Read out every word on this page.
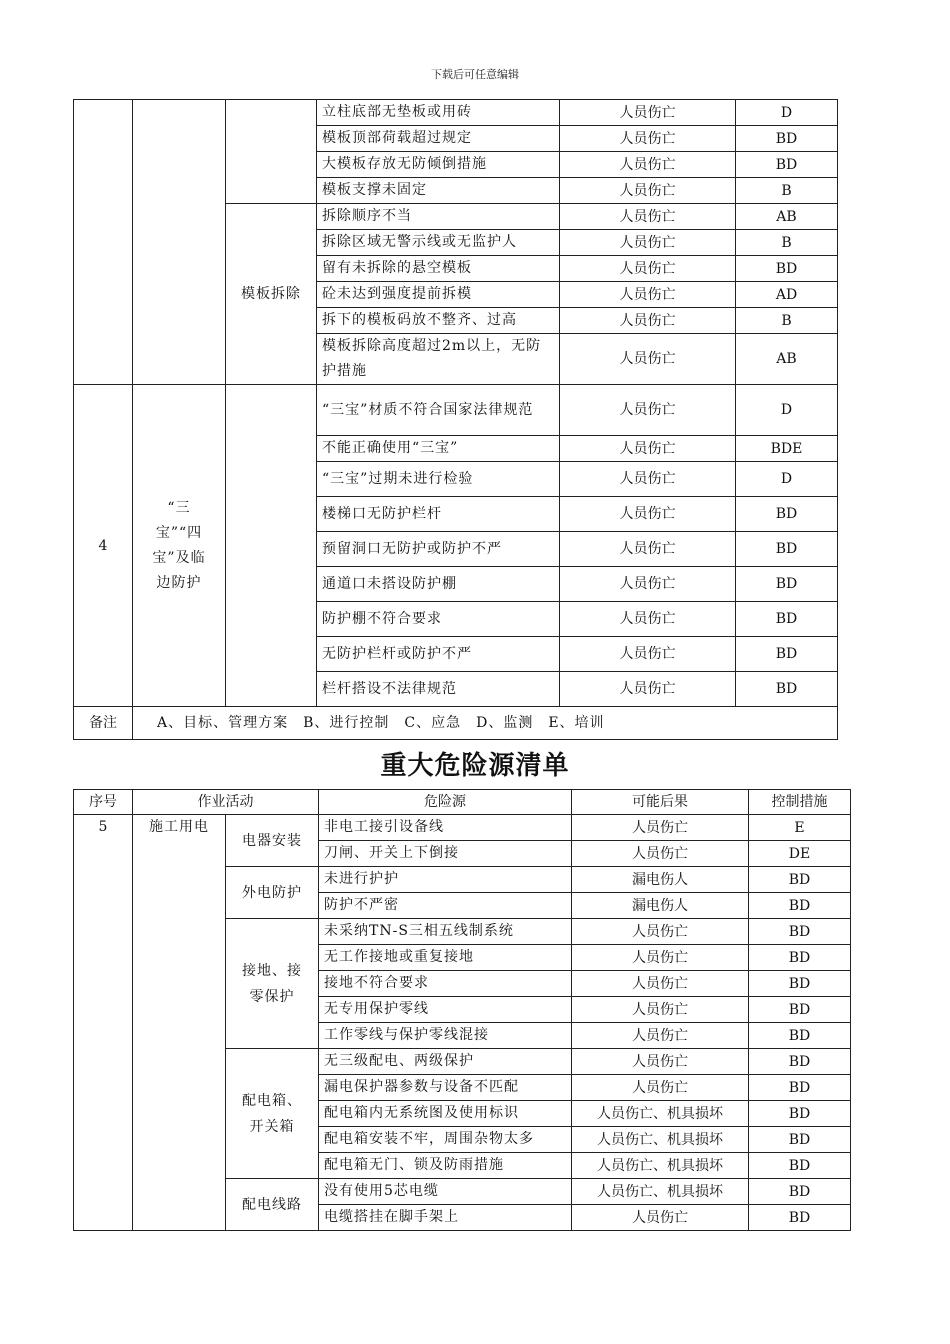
下载后可任意编辑
			立柱底部无垫板或用砖	人员伤亡	D
			模板顶部荷载超过规定	人员伤亡	BD
			大模板存放无防倾倒措施	人员伤亡	BD
			模板支撑未固定	人员伤亡	B
		模板拆除	拆除顺序不当	人员伤亡	AB
			拆除区域无警示线或无监护人	人员伤亡	B
			留有未拆除的悬空模板	人员伤亡	BD
			砼未达到强度提前拆模	人员伤亡	AD
			拆下的模板码放不整齐、过高	人员伤亡	B
			模板拆除高度超过2m以上，无防护措施	人员伤亡	AB
4	“三宝”“四宝”及临边防护		“三宝”材质不符合国家法律规范	人员伤亡	D
			不能正确使用“三宝”	人员伤亡	BDE
			“三宝”过期未进行检验	人员伤亡	D
			楼梯口无防护栏杆	人员伤亡	BD
			预留洞口无防护或防护不严	人员伤亡	BD
			通道口未搭设防护棚	人员伤亡	BD
			防护棚不符合要求	人员伤亡	BD
			无防护栏杆或防护不严	人员伤亡	BD
			栏杆搭设不法律规范	人员伤亡	BD
备注	A、目标、管理方案　B、进行控制　C、应急　D、监测　E、培训				
重大危险源清单
序号	作业活动		危险源	可能后果	控制措施
5	施工用电	电器安装	非电工接引设备线	人员伤亡	E
			刀闸、开关上下倒接	人员伤亡	DE
		外电防护	未进行护护	漏电伤人	BD
			防护不严密	漏电伤人	BD
		接地、接零保护	未采纳TN-S三相五线制系统	人员伤亡	BD
			无工作接地或重复接地	人员伤亡	BD
			接地不符合要求	人员伤亡	BD
			无专用保护零线	人员伤亡	BD
			工作零线与保护零线混接	人员伤亡	BD
		配电箱、开关箱	无三级配电、两级保护	人员伤亡	BD
			漏电保护器参数与设备不匹配	人员伤亡	BD
			配电箱内无系统图及使用标识	人员伤亡、机具损坏	BD
			配电箱安装不牢，周围杂物太多	人员伤亡、机具损坏	BD
			配电箱无门、锁及防雨措施	人员伤亡、机具损坏	BD
		配电线路	没有使用5芯电缆	人员伤亡、机具损坏	BD
			电缆搭挂在脚手架上	人员伤亡	BD
